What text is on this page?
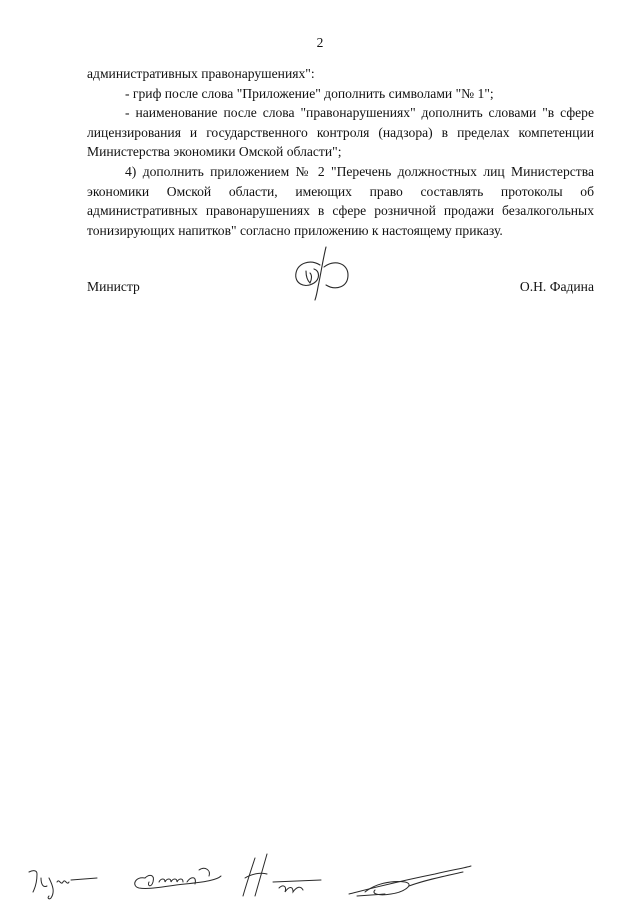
2

административных правонарушениях":

- гриф после слова "Приложение" дополнить символами "№ 1";

- наименование после слова "правонарушениях" дополнить словами "в сфере лицензирования и государственного контроля (надзора) в пределах компетенции Министерства экономики Омской области";

4) дополнить приложением № 2 "Перечень должностных лиц Министерства экономики Омской области, имеющих право составлять протоколы об административных правонарушениях в сфере розничной продажи безалкогольных тонизирующих напитков" согласно приложению к настоящему приказу.

Министр	О.Н. Фадина
